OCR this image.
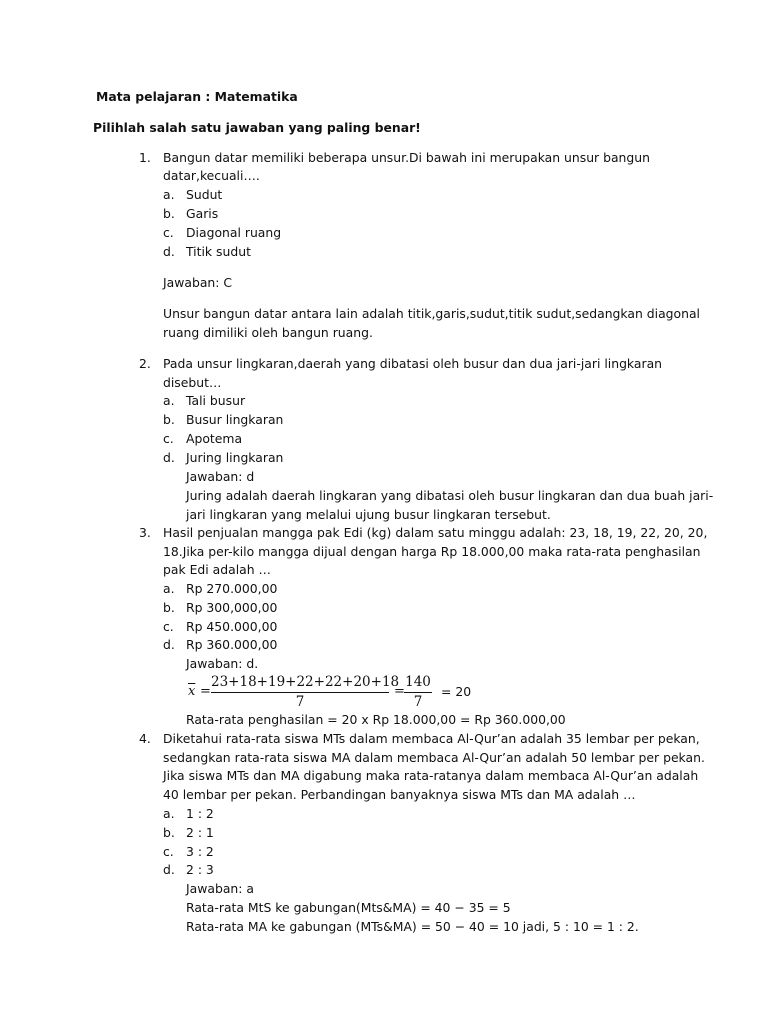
Mata pelajaran : Matematika
Pilihlah salah satu jawaban yang paling benar!
1. Bangun datar memiliki beberapa unsur.Di bawah ini merupakan unsur bangun
datar,kecuali….
a. Sudut
b. Garis
c. Diagonal ruang
d. Titik sudut
Jawaban: C
Unsur bangun datar antara lain adalah titik,garis,sudut,titik sudut,sedangkan diagonal
ruang dimiliki oleh bangun ruang.
2. Pada unsur lingkaran,daerah yang dibatasi oleh busur dan dua jari-jari lingkaran
disebut…
a. Tali busur
b. Busur lingkaran
c. Apotema
d. Juring lingkaran
Jawaban: d
Juring adalah daerah lingkaran yang dibatasi oleh busur lingkaran dan dua buah jari-
jari lingkaran yang melalui ujung busur lingkaran tersebut.
3. Hasil penjualan mangga pak Edi (kg) dalam satu minggu adalah: 23, 18, 19, 22, 20, 20,
18.Jika per-kilo mangga dijual dengan harga Rp 18.000,00 maka rata-rata penghasilan
pak Edi adalah …
a. Rp 270.000,00
b. Rp 300,000,00
c. Rp 450.000,00
d. Rp 360.000,00
Jawaban: d.
$\overline{x}$ =
23+18+19+22+22+20+18
7
=
140
7
= 20
Rata-rata penghasilan = 20 x Rp 18.000,00 = Rp 360.000,00
4. Diketahui rata-rata siswa MTs dalam membaca Al-Qur’an adalah 35 lembar per pekan,
sedangkan rata-rata siswa MA dalam membaca Al-Qur’an adalah 50 lembar per pekan.
Jika siswa MTs dan MA digabung maka rata-ratanya dalam membaca Al-Qur’an adalah
40 lembar per pekan. Perbandingan banyaknya siswa MTs dan MA adalah …
a. 1 : 2
b. 2 : 1
c. 3 : 2
d. 2 : 3
Jawaban: a
Rata-rata MtS ke gabungan(Mts&MA) = 40 − 35 = 5
Rata-rata MA ke gabungan (MTs&MA) = 50 − 40 = 10 jadi, 5 : 10 = 1 : 2.
